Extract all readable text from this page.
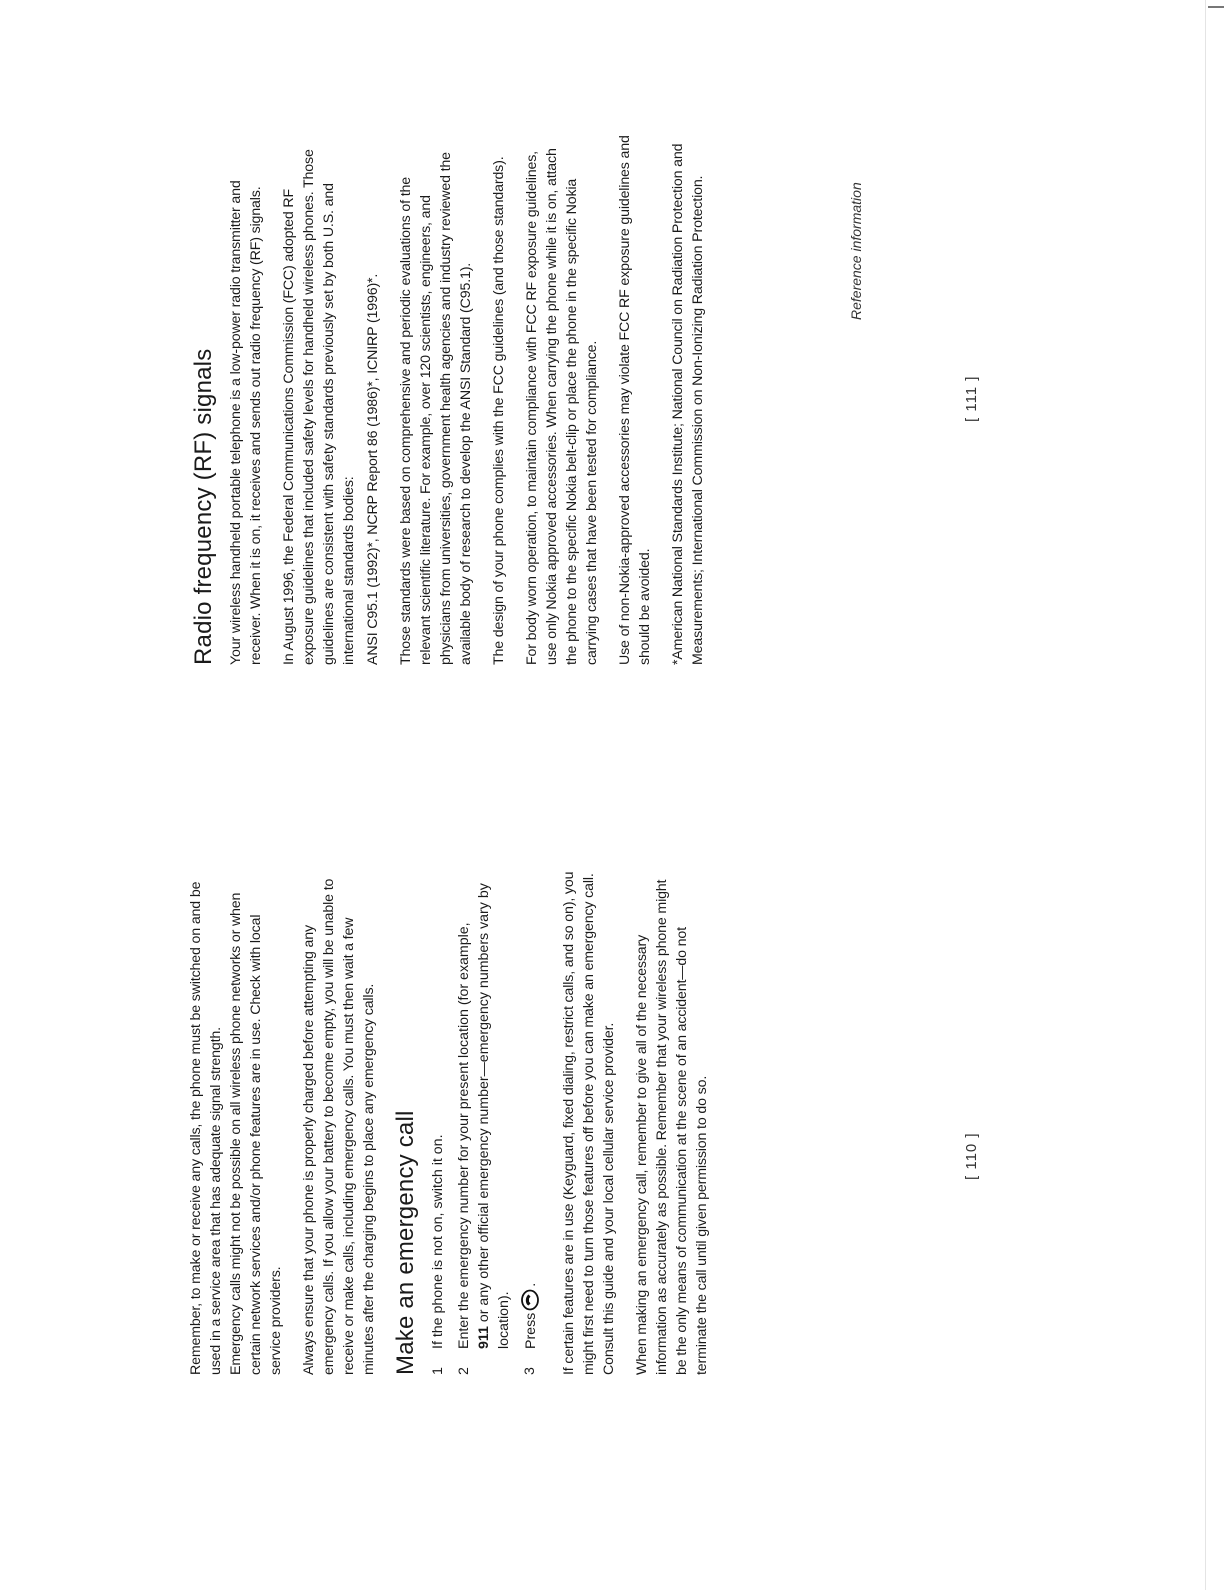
Remember, to make or receive any calls, the phone must be switched on and be used in a service area that has adequate signal strength. Emergency calls might not be possible on all wireless phone networks or when certain network services and/or phone features are in use. Check with local service providers. Always ensure that your phone is properly charged before attempting any emergency calls. If you allow your battery to become empty, you will be unable to receive or make calls, including emergency calls. You must then wait a few minutes after the charging begins to place any emergency calls. Make an emergency call 1
If the phone is not on, switch it on.
2
Enter the emergency number for your present location (for example, 911 or any other official emergency number—emergency numbers vary by location).
3
Press.	If certain features are in use (Keyguard, fixed dialing, restrict calls, and so on), you might first need to turn those features off before you can make an emergency call. Consult this guide and your local cellular service provider. When making an emergency call, remember to give all of the necessary information as accurately as possible. Remember that your wireless phone might be the only means of communication at the scene of an accident—do not terminate the call until given permission to do so.	[ 110 ]
Reference information
Radio frequency (RF) signals Your wireless handheld portable telephone is a low-power radio transmitter and receiver. When it is on, it receives and sends out radio frequency (RF) signals. In August 1996, the Federal Communications Commission (FCC) adopted RF exposure guidelines that included safety levels for handheld wireless phones. Those guidelines are consistent with safety standards previously set by both U.S. and international standards bodies: ANSI C95.1 (1992)*, NCRP Report 86 (1986)*, ICNIRP (1996)*. Those standards were based on comprehensive and periodic evaluations of the relevant scientific literature. For example, over 120 scientists, engineers, and physicians from universities, government health agencies and industry reviewed the available body of research to develop the ANSI Standard (C95.1). The design of your phone complies with the FCC guidelines (and those standards). For body worn operation, to maintain compliance with FCC RF exposure guidelines, use only Nokia approved accessories. When carrying the phone while it is on, attach the phone to the specific Nokia belt-clip or place the phone in the specific Nokia carrying cases that have been tested for compliance. Use of non-Nokia-approved accessories may violate FCC RF exposure guidelines and should be avoided. *American National Standards Institute; National Council on Radiation Protection and Measurements; International Commission on Non-Ionizing Radiation Protection.	[ 111 ]
